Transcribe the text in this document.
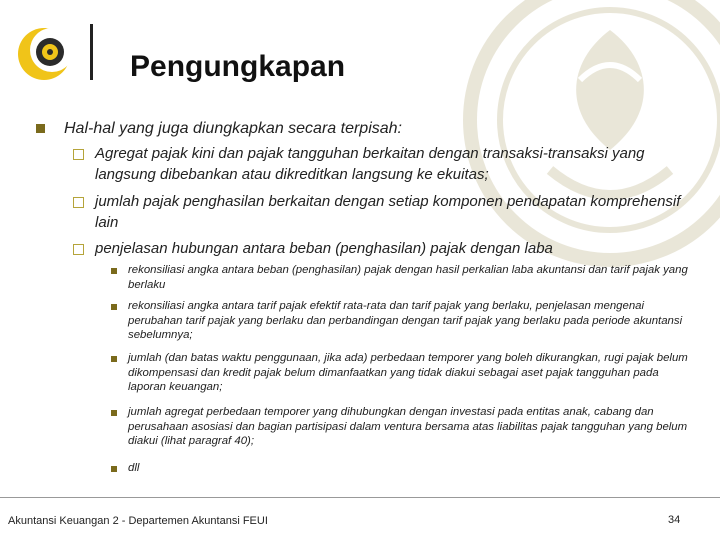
Pengungkapan
Hal-hal yang juga diungkapkan secara terpisah:
Agregat pajak kini dan pajak tangguhan berkaitan dengan transaksi-transaksi yang langsung dibebankan atau dikreditkan langsung ke ekuitas;
jumlah pajak penghasilan berkaitan dengan setiap komponen pendapatan komprehensif lain
penjelasan hubungan antara beban (penghasilan) pajak dengan laba
rekonsiliasi angka antara beban (penghasilan) pajak dengan hasil perkalian laba akuntansi dan tarif pajak yang berlaku
rekonsiliasi angka antara tarif pajak efektif rata-rata dan tarif pajak yang berlaku, penjelasan mengenai perubahan tarif pajak yang berlaku dan perbandingan dengan tarif pajak yang berlaku pada periode akuntansi sebelumnya;
jumlah (dan batas waktu penggunaan, jika ada) perbedaan temporer yang boleh dikurangkan, rugi pajak belum dikompensasi dan kredit pajak belum dimanfaatkan yang tidak diakui sebagai aset pajak tangguhan pada laporan keuangan;
jumlah agregat perbedaan temporer yang dihubungkan dengan investasi pada entitas anak, cabang dan perusahaan asosiasi dan bagian partisipasi dalam ventura bersama atas liabilitas pajak tangguhan yang belum diakui (lihat paragraf 40);
dll
Akuntansi Keuangan 2 - Departemen Akuntansi FEUI	34
